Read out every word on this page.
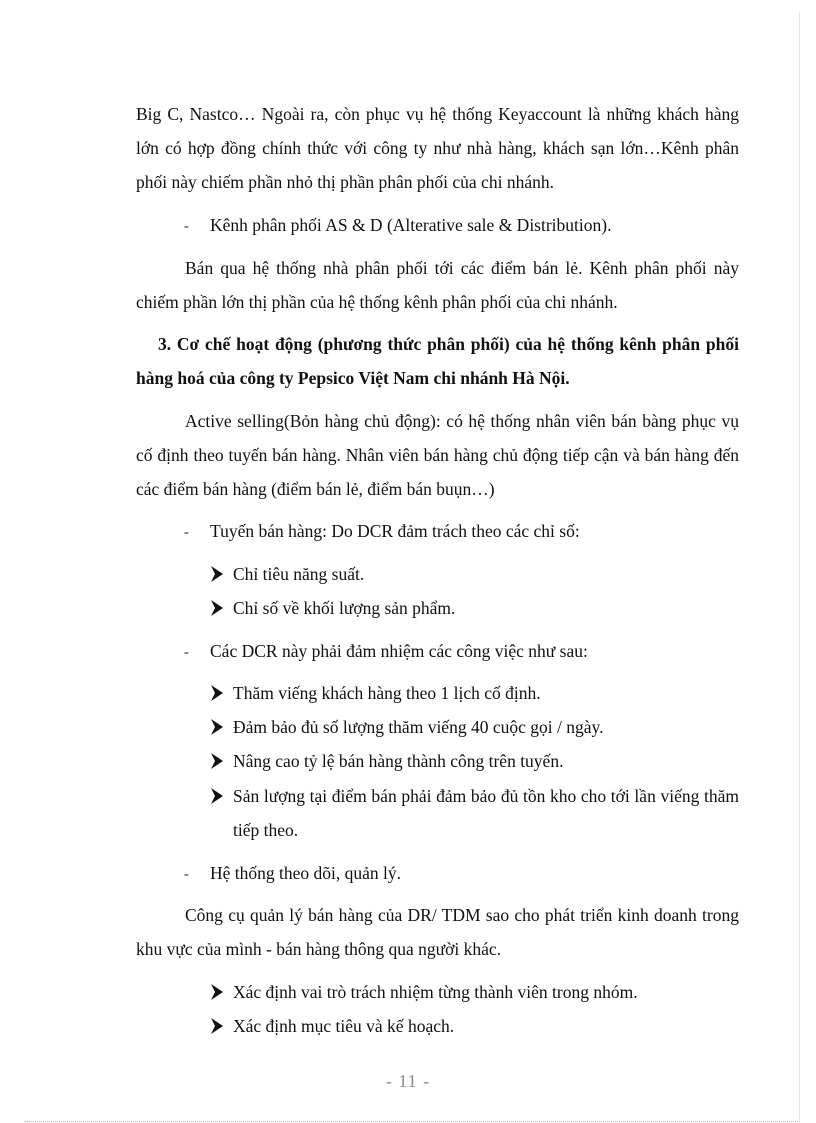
Big C, Nastco… Ngoài ra, còn phục vụ hệ thống Keyaccount là những khách hàng lớn có hợp đồng chính thức với công ty như nhà hàng, khách sạn lớn…Kênh phân phối này chiếm phần nhỏ thị phần phân phối của chi nhánh.

- Kênh phân phối AS & D (Alterative sale & Distribution).

Bán qua hệ thống nhà phân phối tới các điểm bán lẻ. Kênh phân phối này chiếm phần lớn thị phần của hệ thống kênh phân phối của chi nhánh.

3. Cơ chế hoạt động (phương thức phân phối) của hệ thống kênh phân phối hàng hoá của công ty Pepsico Việt Nam chi nhánh Hà Nội.

Active selling(Bỏn hàng chủ động): có hệ thống nhân viên bán bàng phục vụ cố định theo tuyến bán hàng. Nhân viên bán hàng chủ động tiếp cận và bán hàng đến các điểm bán hàng (điểm bán lẻ, điểm bán buụn…)

- Tuyến bán hàng: Do DCR đảm trách theo các chỉ số:
Chỉ tiêu năng suất.
Chỉ số về khối lượng sản phẩm.
- Các DCR này phải đảm nhiệm các công việc như sau:
Thăm viếng khách hàng theo 1 lịch cố định.
Đảm bảo đủ số lượng thăm viếng 40 cuộc gọi / ngày.
Nâng cao tỷ lệ bán hàng thành công trên tuyến.
Sản lượng tại điểm bán phải đảm bảo đủ tồn kho cho tới lần viếng thăm tiếp theo.
- Hệ thống theo dõi, quản lý.

Công cụ quản lý bán hàng của DR/ TDM sao cho phát triển kinh doanh trong khu vực của mình - bán hàng thông qua người khác.

Xác định vai trò trách nhiệm từng thành viên trong nhóm.
Xác định mục tiêu và kế hoạch.
- 11 -
